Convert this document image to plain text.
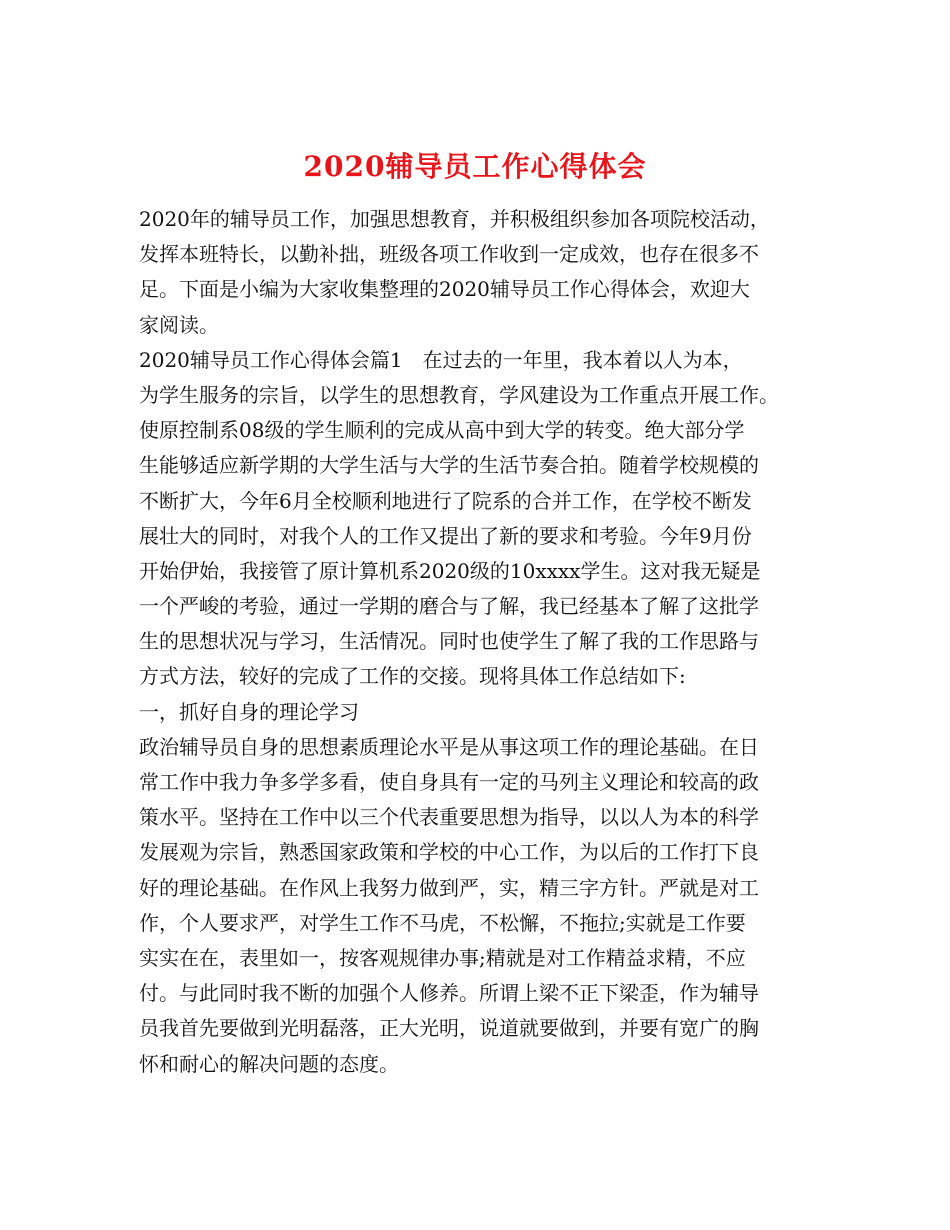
2020辅导员工作心得体会
2020年的辅导员工作，加强思想教育，并积极组织参加各项院校活动，
发挥本班特长，以勤补拙，班级各项工作收到一定成效，也存在很多不
足。下面是小编为大家收集整理的2020辅导员工作心得体会，欢迎大
家阅读。
2020辅导员工作心得体会篇1　在过去的一年里，我本着以人为本，
为学生服务的宗旨，以学生的思想教育，学风建设为工作重点开展工作。
使原控制系08级的学生顺利的完成从高中到大学的转变。绝大部分学
生能够适应新学期的大学生活与大学的生活节奏合拍。随着学校规模的
不断扩大，今年6月全校顺利地进行了院系的合并工作，在学校不断发
展壮大的同时，对我个人的工作又提出了新的要求和考验。今年9月份
开始伊始，我接管了原计算机系2020级的10xxxx学生。这对我无疑是
一个严峻的考验，通过一学期的磨合与了解，我已经基本了解了这批学
生的思想状况与学习，生活情况。同时也使学生了解了我的工作思路与
方式方法，较好的完成了工作的交接。现将具体工作总结如下:
一，抓好自身的理论学习
政治辅导员自身的思想素质理论水平是从事这项工作的理论基础。在日
常工作中我力争多学多看，使自身具有一定的马列主义理论和较高的政
策水平。坚持在工作中以三个代表重要思想为指导，以以人为本的科学
发展观为宗旨，熟悉国家政策和学校的中心工作，为以后的工作打下良
好的理论基础。在作风上我努力做到严，实，精三字方针。严就是对工
作，个人要求严，对学生工作不马虎，不松懈，不拖拉;实就是工作要
实实在在，表里如一，按客观规律办事;精就是对工作精益求精，不应
付。与此同时我不断的加强个人修养。所谓上梁不正下梁歪，作为辅导
员我首先要做到光明磊落，正大光明，说道就要做到，并要有宽广的胸
怀和耐心的解决问题的态度。
